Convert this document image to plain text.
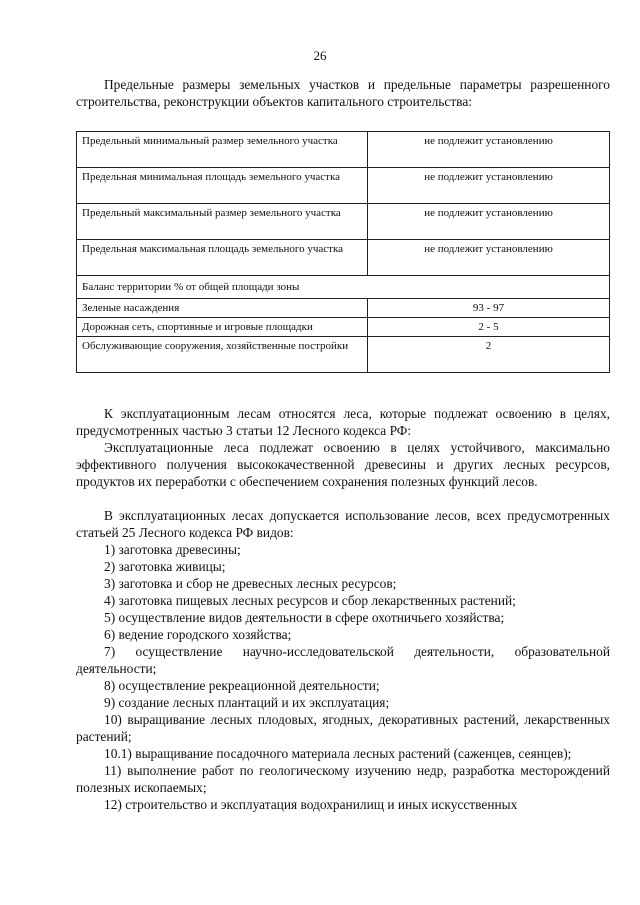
26

Предельные размеры земельных участков и предельные параметры разрешенного строительства, реконструкции объектов капитального строительства:

Предельный минимальный размер земельного участка	не подлежит установлению
Предельная минимальная площадь земельного участка	не подлежит установлению
Предельный максимальный размер земельного участка	не подлежит установлению
Предельная максимальная площадь земельного участка	не подлежит установлению
Баланс территории % от общей площади зоны	
Зеленые насаждения	93 - 97
Дорожная сеть, спортивные и игровые площадки	2 - 5
Обслуживающие сооружения, хозяйственные постройки	2

К эксплуатационным лесам относятся леса, которые подлежат освоению в целях, предусмотренных частью 3 статьи 12 Лесного кодекса РФ:

Эксплуатационные леса подлежат освоению в целях устойчивого, максимально эффективного получения высококачественной древесины и других лесных ресурсов, продуктов их переработки с обеспечением сохранения полезных функций лесов.

В эксплуатационных лесах допускается использование лесов, всех предусмотренных статьей 25 Лесного кодекса РФ видов:

1) заготовка древесины;
2) заготовка живицы;
3) заготовка и сбор не древесных лесных ресурсов;
4) заготовка пищевых лесных ресурсов и сбор лекарственных растений;
5) осуществление видов деятельности в сфере охотничьего хозяйства;
6) ведение городского хозяйства;
7) осуществление научно-исследовательской деятельности, образовательной деятельности;
8) осуществление рекреационной деятельности;
9) создание лесных плантаций и их эксплуатация;
10) выращивание лесных плодовых, ягодных, декоративных растений, лекарственных растений;
10.1) выращивание посадочного материала лесных растений (саженцев, сеянцев);
11) выполнение работ по геологическому изучению недр, разработка месторождений полезных ископаемых;
12) строительство и эксплуатация водохранилищ и иных искусственных
